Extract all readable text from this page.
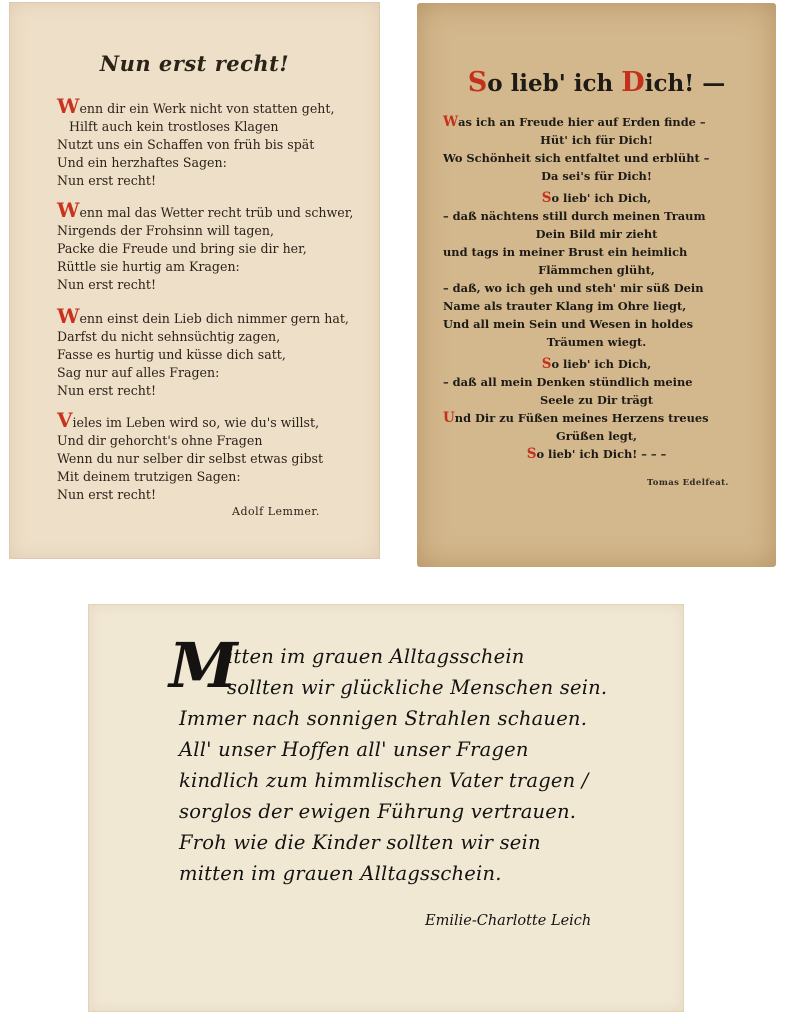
Nun erst recht!
Wenn dir ein Werk nicht von statten geht,
Hilft auch kein trostloses Klagen
Nutzt uns ein Schaffen von früh bis spät
Und ein herzhaftes Sagen:
Nun erst recht!
Wenn mal das Wetter recht trüb und schwer,
Nirgends der Frohsinn will tagen,
Packe die Freude und bring sie dir her,
Rüttle sie hurtig am Kragen:
Nun erst recht!
Wenn einst dein Lieb dich nimmer gern hat,
Darfst du nicht sehnsüchtig zagen,
Fasse es hurtig und küsse dich satt,
Sag nur auf alles Fragen:
Nun erst recht!
Vieles im Leben wird so, wie du's willst,
Und dir gehorcht's ohne Fragen
Wenn du nur selber dir selbst etwas gibst
Mit deinem trutzigen Sagen:
Nun erst recht!
Adolf Lemmer.
So lieb' ich Dich! —
Was ich an Freude hier auf Erden finde –
Hüt' ich für Dich!
Wo Schönheit sich entfaltet und erblüht –
Da sei's für Dich!
So lieb' ich Dich,
– daß nächtens still durch meinen Traum
Dein Bild mir zieht
und tags in meiner Brust ein heimlich
Flämmchen glüht,
– daß, wo ich geh und steh' mir süß Dein
Name als trauter Klang im Ohre liegt,
Und all mein Sein und Wesen in holdes
Träumen wiegt.
So lieb' ich Dich,
– daß all mein Denken stündlich meine
Seele zu Dir trägt
Und Dir zu Füßen meines Herzens treues
Grüßen legt,
So lieb' ich Dich! – – –
Tomas Edelfeat.
M
itten im grauen Alltagsschein
sollten wir glückliche Menschen sein.
Immer nach sonnigen Strahlen schauen.
All' unser Hoffen all' unser Fragen
kindlich zum himmlischen Vater tragen /
sorglos der ewigen Führung vertrauen.
Froh wie die Kinder sollten wir sein
mitten im grauen Alltagsschein.
Emilie-Charlotte Leich
